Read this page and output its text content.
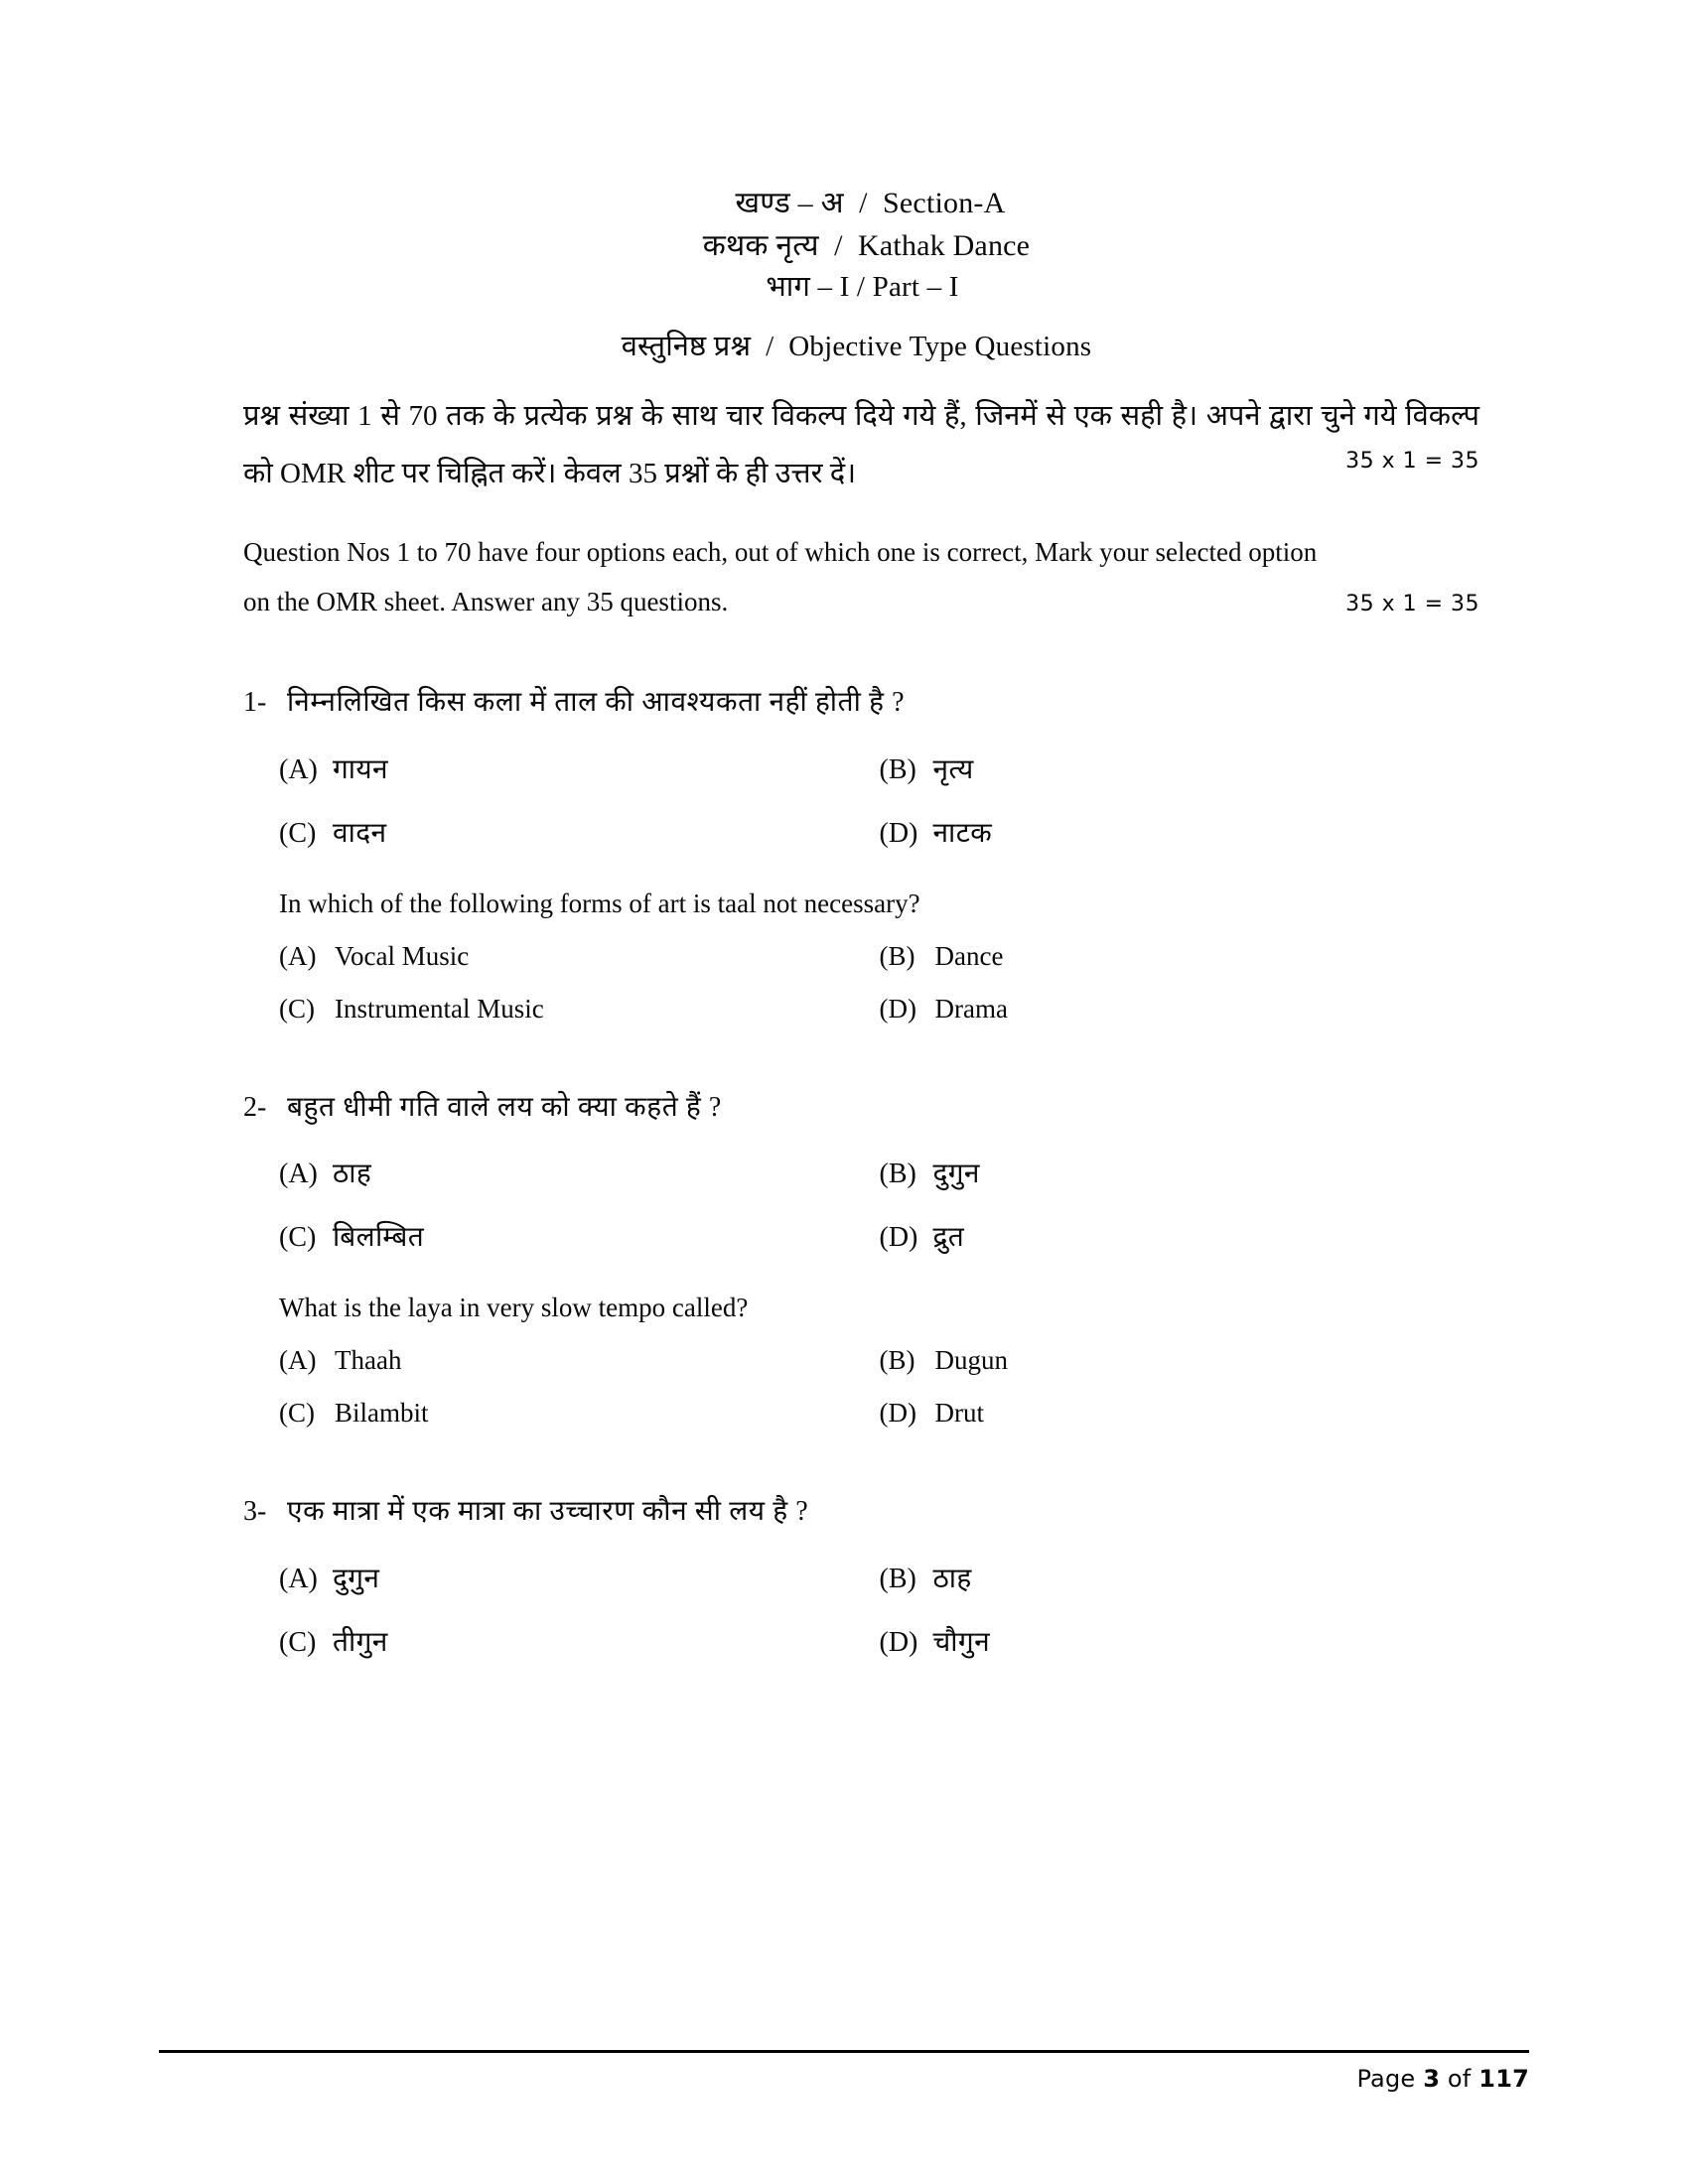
खण्ड – अ  /  Section-A
कथक नृत्य  /  Kathak Dance
भाग – I / Part – I
वस्तुनिष्ठ प्रश्न  /  Objective Type Questions
प्रश्न संख्या 1 से 70 तक के प्रत्येक प्रश्न के साथ चार विकल्प दिये गये हैं, जिनमें से एक सही है। अपने द्वारा चुने गये विकल्प को OMR शीट पर चिह्नित करें। केवल 35 प्रश्नों के ही उत्तर दें।	35 x 1 = 35
Question Nos 1 to 70 have four options each, out of which one is correct, Mark your selected option
on the OMR sheet. Answer any 35 questions.	35 x 1 = 35
1- निम्नलिखित किस कला में ताल की आवश्यकता नहीं होती है ?
(A) गायन	(B) नृत्य
(C) वादन	(D) नाटक
In which of the following forms of art is taal not necessary?
(A) Vocal Music	(B) Dance
(C) Instrumental Music	(D) Drama
2- बहुत धीमी गति वाले लय को क्या कहते हैं ?
(A) ठाह	(B) दुगुन
(C) बिलम्बित	(D) द्रुत
What is the laya in very slow tempo called?
(A) Thaah	(B) Dugun
(C) Bilambit	(D) Drut
3- एक मात्रा में एक मात्रा का उच्चारण कौन सी लय है ?
(A) दुगुन	(B) ठाह
(C) तीगुन	(D) चौगुन
Page 3 of 117
